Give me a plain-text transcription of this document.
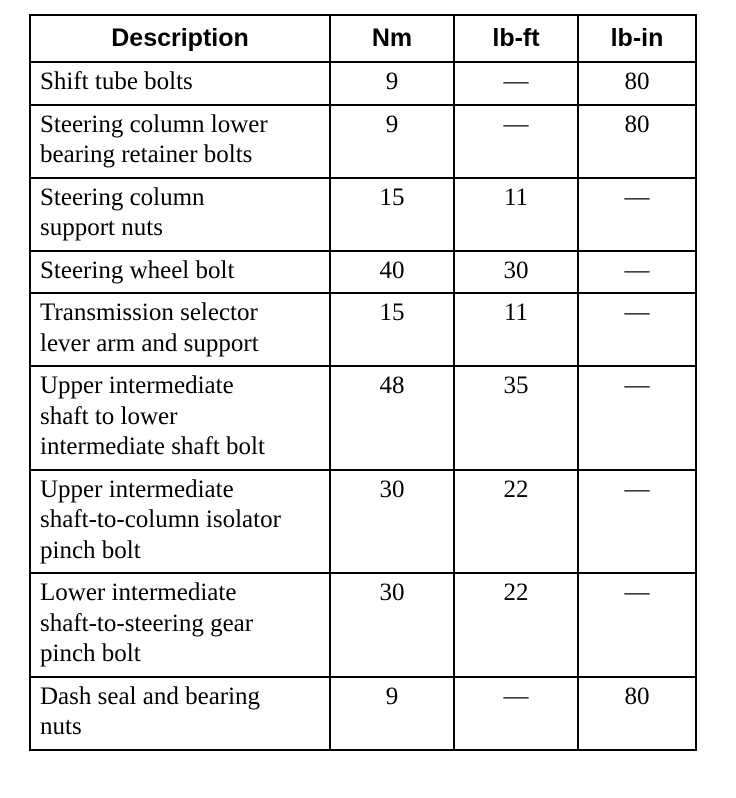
Description	Nm	lb-ft	lb-in
Shift tube bolts	9	—	80
Steering column lower
bearing retainer bolts	9	—	80
Steering column
support nuts	15	11	—
Steering wheel bolt	40	30	—
Transmission selector
lever arm and support	15	11	—
Upper intermediate
shaft to lower
intermediate shaft bolt	48	35	—
Upper intermediate
shaft-to-column isolator
pinch bolt	30	22	—
Lower intermediate
shaft-to-steering gear
pinch bolt	30	22	—
Dash seal and bearing
nuts	9	—	80
